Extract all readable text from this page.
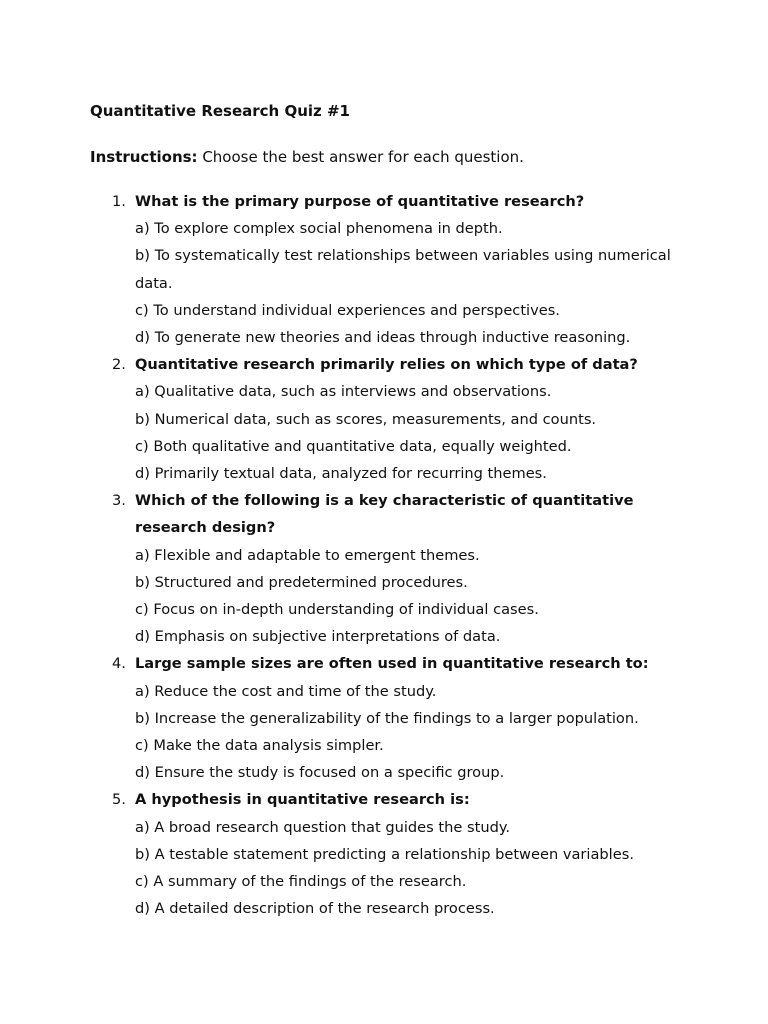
Quantitative Research Quiz #1
Instructions: Choose the best answer for each question.
1. What is the primary purpose of quantitative research?
a) To explore complex social phenomena in depth.
b) To systematically test relationships between variables using numerical data.
c) To understand individual experiences and perspectives.
d) To generate new theories and ideas through inductive reasoning.
2. Quantitative research primarily relies on which type of data?
a) Qualitative data, such as interviews and observations.
b) Numerical data, such as scores, measurements, and counts.
c) Both qualitative and quantitative data, equally weighted.
d) Primarily textual data, analyzed for recurring themes.
3. Which of the following is a key characteristic of quantitative research design?
a) Flexible and adaptable to emergent themes.
b) Structured and predetermined procedures.
c) Focus on in-depth understanding of individual cases.
d) Emphasis on subjective interpretations of data.
4. Large sample sizes are often used in quantitative research to:
a) Reduce the cost and time of the study.
b) Increase the generalizability of the findings to a larger population.
c) Make the data analysis simpler.
d) Ensure the study is focused on a specific group.
5. A hypothesis in quantitative research is:
a) A broad research question that guides the study.
b) A testable statement predicting a relationship between variables.
c) A summary of the findings of the research.
d) A detailed description of the research process.
